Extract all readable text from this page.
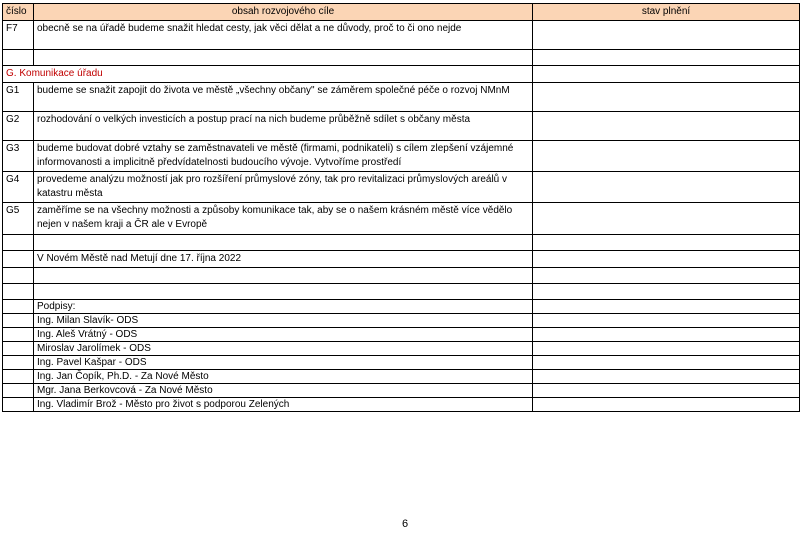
číslo	obsah rozvojového cíle	stav plnění
F7	obecně se na úřadě budeme snažit hledat cesty, jak věci dělat a ne důvody, proč to či ono nejde	

G. Komunikace úřadu		
G1	budeme se snažit zapojit do života ve městě „všechny občany" se záměrem společné péče o rozvoj NMnM	
G2	rozhodování o velkých investicích a postup prací na nich budeme průběžně sdílet s občany města	
G3	budeme budovat dobré vztahy se zaměstnavateli ve městě (firmami, podnikateli) s cílem zlepšení vzájemné informovanosti a implicitně předvídatelnosti budoucího vývoje. Vytvoříme prostředí	
G4	provedeme analýzu možností jak pro rozšíření průmyslové zóny, tak pro revitalizaci průmyslových areálů v katastru města	
G5	zaměříme se na všechny možnosti a způsoby komunikace tak, aby se o našem krásném městě více vědělo nejen v našem kraji a ČR ale v Evropě	

	V Novém Městě nad Metují dne 17. října 2022	

	Podpisy:	
	Ing. Milan Slavík- ODS	
	Ing. Aleš Vrátný - ODS	
	Miroslav Jarolímek - ODS	
	Ing. Pavel Kašpar - ODS	
	Ing. Jan Čopík, Ph.D. - Za Nové Město	
	Mgr. Jana Berkovcová - Za Nové Město	
	Ing. Vladimír Brož - Město pro život s podporou Zelených	
6
